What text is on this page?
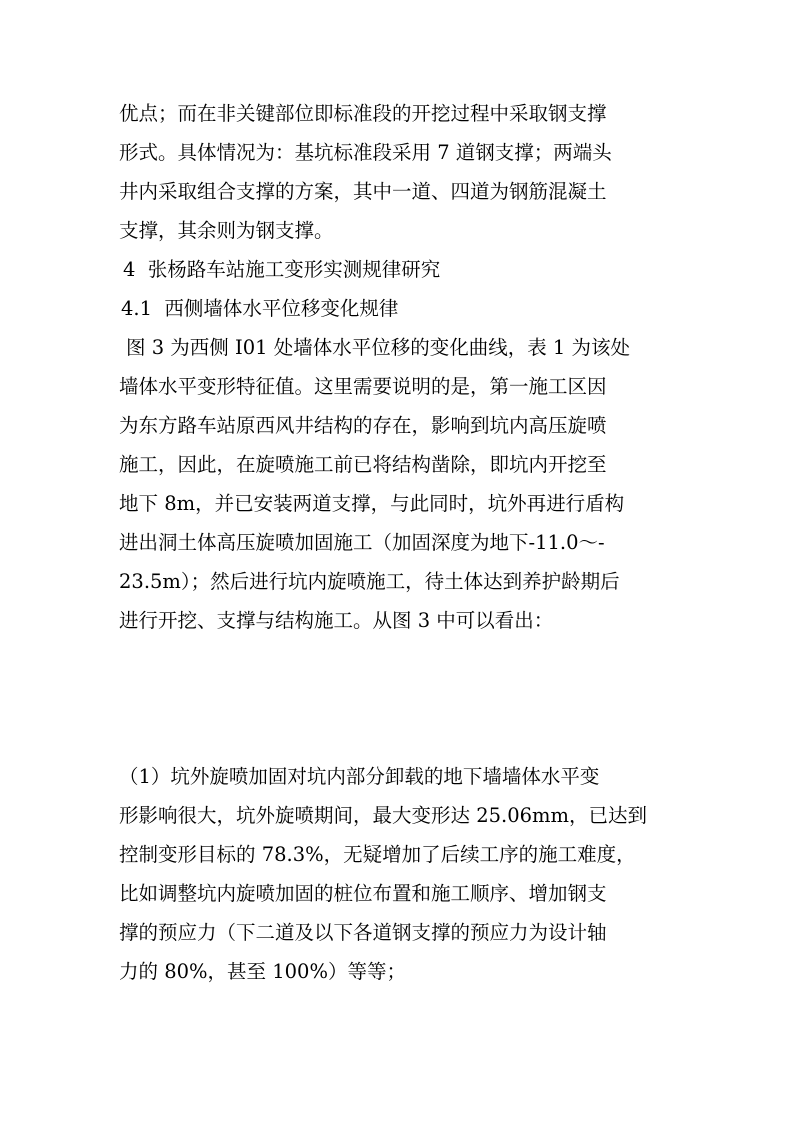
优点；而在非关键部位即标准段的开挖过程中采取钢支撑
形式。具体情况为：基坑标准段采用 7 道钢支撑；两端头
井内采取组合支撑的方案，其中一道、四道为钢筋混凝土
支撑，其余则为钢支撑。
4  张杨路车站施工变形实测规律研究
4.1  西侧墙体水平位移变化规律
图 3 为西侧 I01 处墙体水平位移的变化曲线，表 1 为该处
墙体水平变形特征值。这里需要说明的是，第一施工区因
为东方路车站原西风井结构的存在，影响到坑内高压旋喷
施工，因此，在旋喷施工前已将结构凿除，即坑内开挖至
地下 8m，并已安装两道支撑，与此同时，坑外再进行盾构
进出洞土体高压旋喷加固施工（加固深度为地下-11.0～-
23.5m）；然后进行坑内旋喷施工，待土体达到养护龄期后
进行开挖、支撑与结构施工。从图 3 中可以看出：
（1）坑外旋喷加固对坑内部分卸载的地下墙墙体水平变
形影响很大，坑外旋喷期间，最大变形达 25.06mm，已达到
控制变形目标的 78.3%，无疑增加了后续工序的施工难度，
比如调整坑内旋喷加固的桩位布置和施工顺序、增加钢支
撑的预应力（下二道及以下各道钢支撑的预应力为设计轴
力的 80%，甚至 100%）等等；
